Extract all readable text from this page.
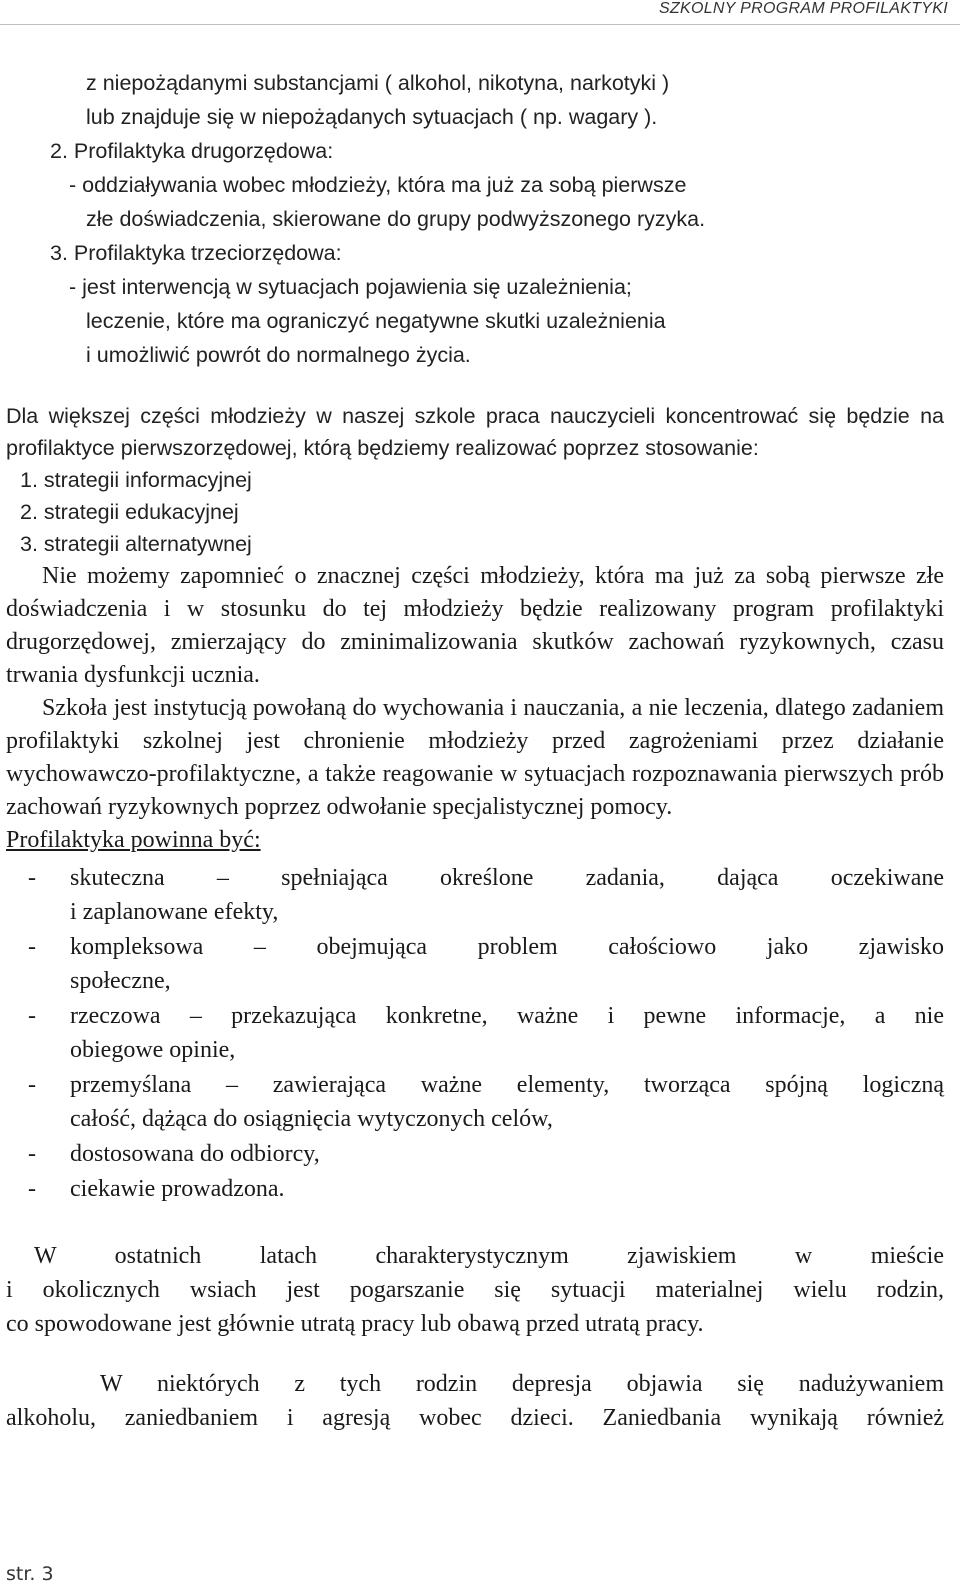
SZKOLNY PROGRAM PROFILAKTYKI
z niepożądanymi substancjami ( alkohol, nikotyna, narkotyki )
lub znajduje się w niepożądanych sytuacjach ( np. wagary ).
2. Profilaktyka drugorzędowa:
- oddziaływania wobec młodzieży, która ma już za sobą pierwsze
złe doświadczenia, skierowane do grupy podwyższonego ryzyka.
3. Profilaktyka trzeciorzędowa:
- jest interwencją w sytuacjach pojawienia się uzależnienia;
leczenie, które ma ograniczyć negatywne skutki uzależnienia
i umożliwić powrót do normalnego życia.

Dla większej części młodzieży w naszej szkole praca nauczycieli koncentrować się będzie na profilaktyce pierwszorzędowej, którą będziemy realizować poprzez stosowanie:

1. strategii informacyjnej
2. strategii edukacyjnej
3. strategii alternatywnej

Nie możemy zapomnieć o znacznej części młodzieży, która ma już za sobą pierwsze złe doświadczenia i w stosunku do tej młodzieży będzie realizowany program profilaktyki drugorzędowej, zmierzający do zminimalizowania skutków zachowań ryzykownych, czasu trwania dysfunkcji ucznia.

Szkoła jest instytucją powołaną do wychowania i nauczania, a nie leczenia, dlatego zadaniem profilaktyki szkolnej jest chronienie młodzieży przed zagrożeniami przez działanie wychowawczo-profilaktyczne, a także reagowanie w sytuacjach rozpoznawania pierwszych prób zachowań ryzykownych poprzez odwołanie specjalistycznej pomocy.

Profilaktyka powinna być:
- skuteczna – spełniająca określone zadania, dająca oczekiwane
i zaplanowane efekty,
- kompleksowa – obejmująca problem całościowo jako zjawisko
społeczne,
- rzeczowa – przekazująca konkretne, ważne i pewne informacje, a nie
obiegowe opinie,
- przemyślana – zawierająca ważne elementy, tworząca spójną logiczną
całość, dążąca do osiągnięcia wytyczonych celów,
- dostosowana do odbiorcy,
- ciekawie prowadzona.
W ostatnich latach charakterystycznym zjawiskiem w mieście
i okolicznych wsiach jest pogarszanie się sytuacji materialnej wielu rodzin,
co spowodowane jest głównie utratą pracy lub obawą przed utratą pracy.
W niektórych z tych rodzin depresja objawia się nadużywaniem
alkoholu, zaniedbaniem i agresją wobec dzieci. Zaniedbania wynikają również
str. 3
